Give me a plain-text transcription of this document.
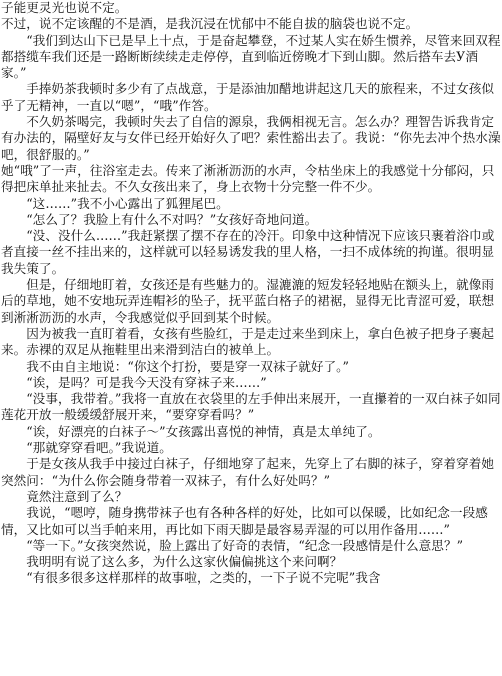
子能更灵光也说不定。

不过，说不定该醒的不是酒，是我沉浸在忧郁中不能自拔的脑袋也说不定。

“我们到达山下已是早上十点，于是奋起攀登，不过某人实在娇生惯养，尽管来回双程都搭缆车我们还是一路断断续续走走停停，直到临近傍晚才下到山脚。然后搭车去У酒家。”

手捧奶茶我顿时多少有了点战意，于是添油加醋地讲起这几天的旅程来，不过女孩似乎了无精神，一直以“嗯”，“哦”作答。

不久奶茶喝完，我顿时失去了自信的源泉，我俩相视无言。怎么办？理智告诉我肯定有办法的，隔壁好友与女伴已经开始好久了吧？索性豁出去了。我说：“你先去冲个热水澡吧，很舒服的。”

她“哦”了一声，往浴室走去。传来了淅淅沥沥的水声，令枯坐床上的我感觉十分郁闷，只得把床单扯来扯去。不久女孩出来了，身上衣物十分完整一件不少。

“这……”我不小心露出了狐狸尾巴。

“怎么了？我脸上有什么不对吗？”女孩好奇地问道。

“没、没什么……”我赶紧摆了摆不存在的冷汗。印象中这种情况下应该只裹着浴巾或者直接一丝不挂出来的，这样就可以轻易诱发我的里人格，一扫不成体统的拘谨。很明显我失策了。

但是，仔细地盯着，女孩还是有些魅力的。湿漉漉的短发轻轻地贴在额头上，就像雨后的草地，她不安地玩弄连帽衫的坠子，抚平蓝白格子的裙裾，显得无比青涩可爱，联想到淅淅沥沥的水声，令我感觉似乎回到某个时候。

因为被我一直盯着看，女孩有些脸红，于是走过来坐到床上，拿白色被子把身子裹起来。赤裸的双足从拖鞋里出来滑到洁白的被单上。

我不由自主地说：“你这个打扮，要是穿一双袜子就好了。”

“诶，是吗？可是我今天没有穿袜子来……”

“没事，我带着。”我将一直放在衣袋里的左手伸出来展开，一直攥着的一双白袜子如同莲花开放一般缓缓舒展开来，“要穿穿看吗？”

“诶，好漂亮的白袜子～”女孩露出喜悦的神情，真是太单纯了。

“那就穿穿看吧。”我说道。

于是女孩从我手中接过白袜子，仔细地穿了起来，先穿上了右脚的袜子，穿着穿着她突然问：“为什么你会随身带着一双袜子，有什么好处吗？”

竟然注意到了么？

我说，“嗯哼，随身携带袜子也有各种各样的好处，比如可以保暖，比如纪念一段感情，又比如可以当手帕来用，再比如下雨天脚是最容易弄湿的可以用作备用……”

“等一下。”女孩突然说，脸上露出了好奇的表情，“纪念一段感情是什么意思？”

我明明有说了这么多，为什么这家伙偏偏挑这个来问啊？

“有很多很多这样那样的故事啦，之类的，一下子说不完呢”我含
